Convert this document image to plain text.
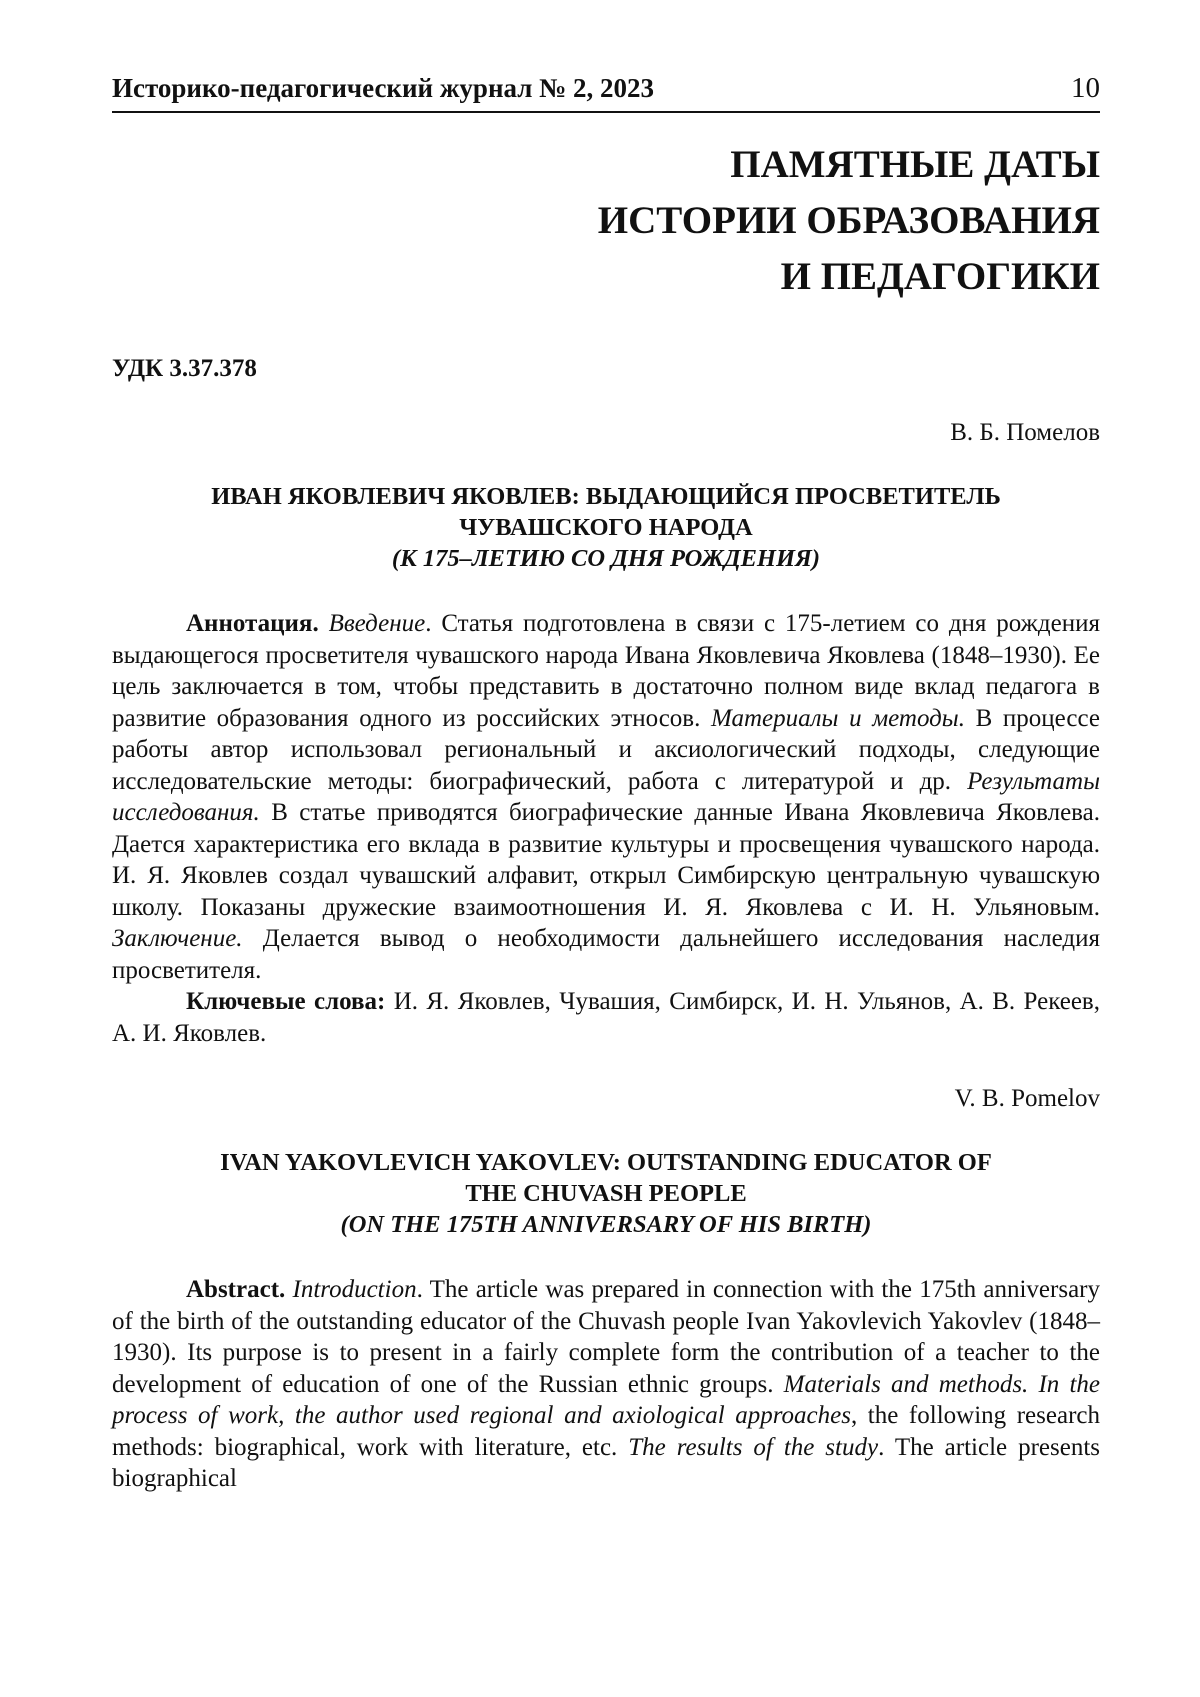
Историко-педагогический журнал № 2, 2023	10
ПАМЯТНЫЕ ДАТЫ
ИСТОРИИ ОБРАЗОВАНИЯ
И ПЕДАГОГИКИ
УДК 3.37.378
В. Б. Помелов
ИВАН ЯКОВЛЕВИЧ ЯКОВЛЕВ: ВЫДАЮЩИЙСЯ ПРОСВЕТИТЕЛЬ
ЧУВАШСКОГО НАРОДА
(К 175–ЛЕТИЮ СО ДНЯ РОЖДЕНИЯ)

Аннотация. Введение. Статья подготовлена в связи с 175-летием со дня рождения выдающегося просветителя чувашского народа Ивана Яковлевича Яковлева (1848–1930). Ее цель заключается в том, чтобы представить в достаточно полном виде вклад педагога в развитие образования одного из российских этносов. Материалы и методы. В процессе работы автор использовал региональный и аксиологический подходы, следующие исследовательские методы: биографический, работа с литературой и др. Результаты исследования. В статье приводятся биографические данные Ивана Яковлевича Яковлева. Дается характеристика его вклада в развитие культуры и просвещения чувашского народа. И. Я. Яковлев создал чувашский алфавит, открыл Симбирскую центральную чувашскую школу. Показаны дружеские взаимоотношения И. Я. Яковлева с И. Н. Ульяновым. Заключение. Делается вывод о необходимости дальнейшего исследования наследия просветителя.

Ключевые слова: И. Я. Яковлев, Чувашия, Симбирск, И. Н. Ульянов, А. В. Рекеев, А. И. Яковлев.

V. B. Pomelov
IVAN YAKOVLEVICH YAKOVLEV: OUTSTANDING EDUCATOR OF
THE CHUVASH PEOPLE
(ON THE 175TH ANNIVERSARY OF HIS BIRTH)

Abstract. Introduction. The article was prepared in connection with the 175th anniversary of the birth of the outstanding educator of the Chuvash people Ivan Yakovlevich Yakovlev (1848–1930). Its purpose is to present in a fairly complete form the contribution of a teacher to the development of education of one of the Russian ethnic groups. Materials and methods. In the process of work, the author used regional and axiological approaches, the following research methods: biographical, work with literature, etc. The results of the study. The article presents biographical
